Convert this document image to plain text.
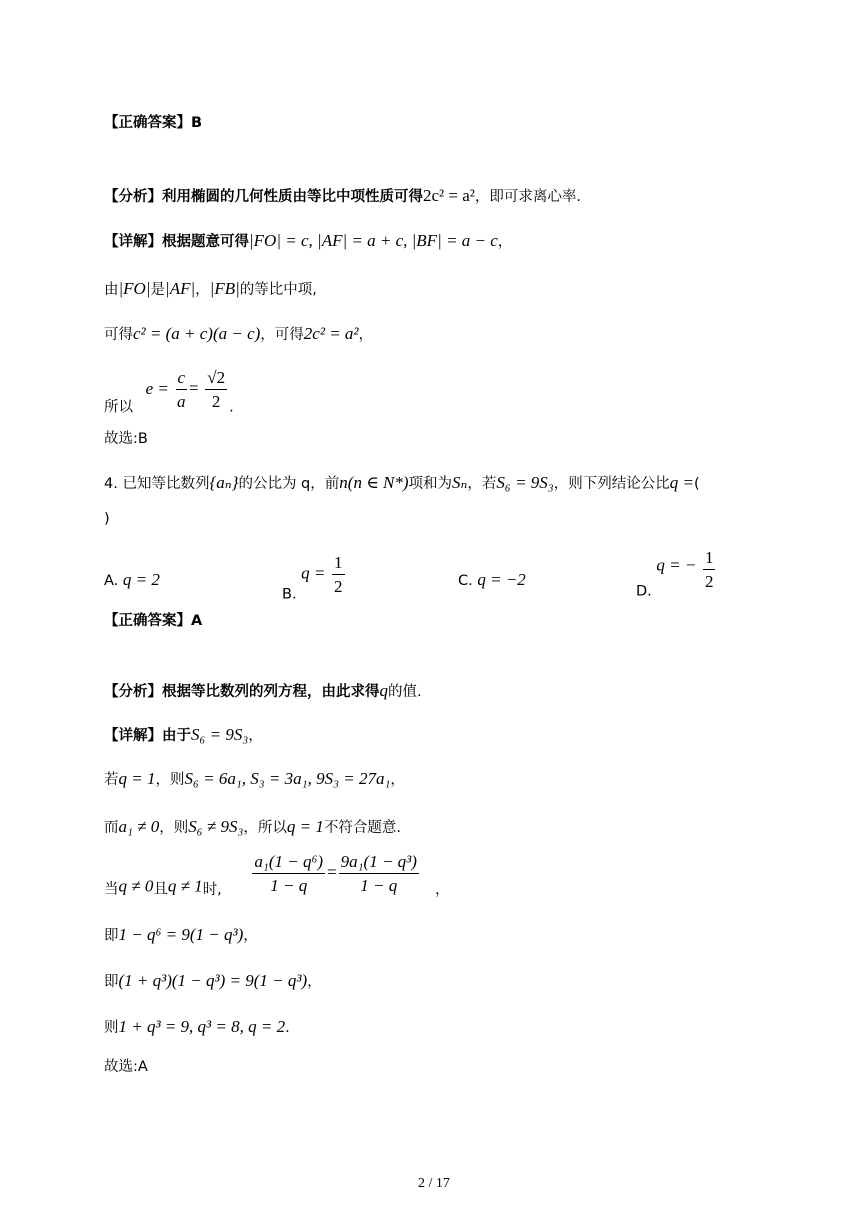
【正确答案】B
【分析】利用椭圆的几何性质由等比中项性质可得2c² = a²，即可求离心率.
【详解】根据题意可得|FO| = c, |AF| = a + c, |BF| = a − c，
由|FO|是|AF|，|FB|的等比中项,
可得c² = (a + c)(a − c)，可得2c² = a²，
所以 $e = \frac{c}{a} = \frac{√2}{2}$ .
故选:B
4. 已知等比数列{aₙ}的公比为 q，前n(n ∈ N*)项和为Sₙ，若S₆ = 9S₃，则下列结论公比q =(
)
A. q = 2
B. $q = \frac{1}{2}$	C. q = −2
D. q = − $\frac{1}{2}$
【正确答案】A
【分析】根据等比数列的列方程，由此求得q的值.
【详解】由于S₆ = 9S₃，
若q = 1，则S₆ = 6a₁, S₃ = 3a₁, 9S₃ = 27a₁，
而a₁ ≠ 0，则S₆ ≠ 9S₃，所以q = 1不符合题意.
当q ≠ 0且q ≠ 1时, $\frac{\text{a₁(1 − q⁶)}}{1 - q} = \frac{\text{9a₁(1 − q³)}}{1 - q}$ ，
即1 − q⁶ = 9(1 − q³)，
即(1 + q³)(1 − q³) = 9(1 − q³)，
则1 + q³ = 9, q³ = 8, q = 2.
故选:A
2 / 17
